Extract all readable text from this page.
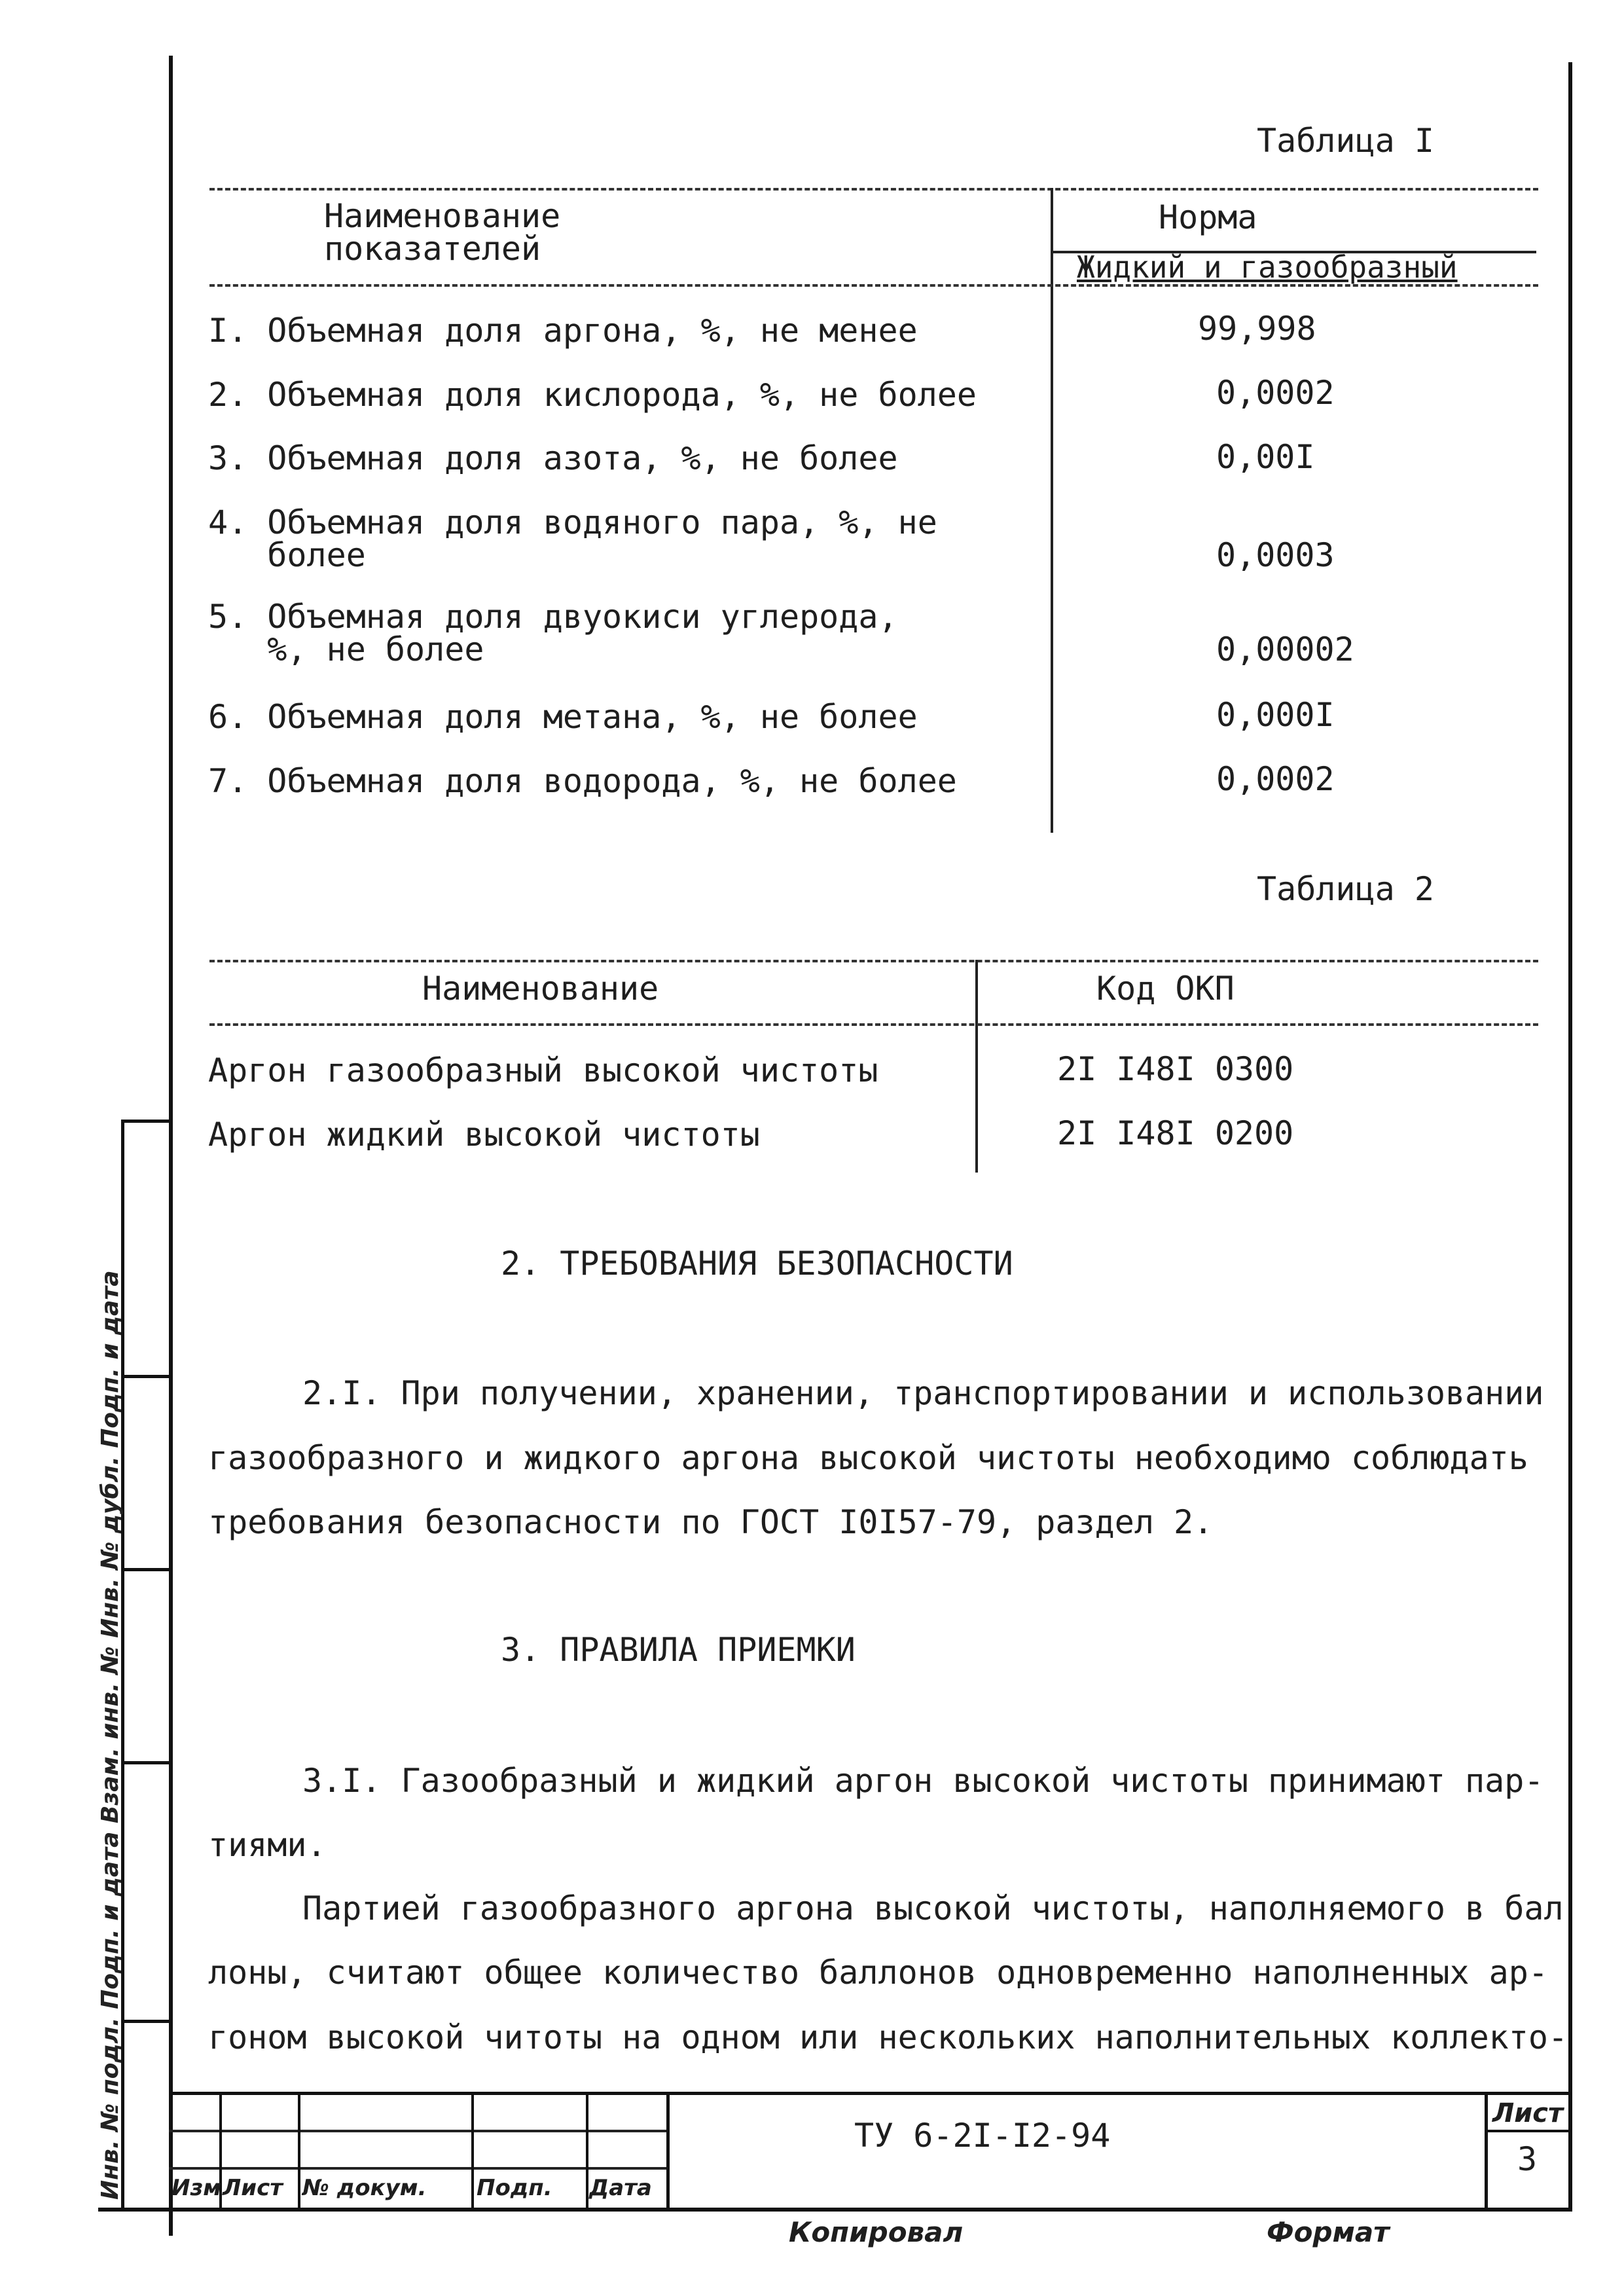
Таблица I
Наименование
показателей
Норма
Жидкий и газообразный
I. Объемная доля аргона, %, не менее	99,998
2. Объемная доля кислорода, %, не более	0,0002
3. Объемная доля азота, %, не более	0,00I
4. Объемная доля водяного пара, %, не
более	0,0003
5. Объемная доля двуокиси углерода,
%, не более	0,00002
6. Объемная доля метана, %, не более	0,000I
7. Объемная доля водорода, %, не более	0,0002
Таблица 2
Наименование	Код ОКП
Аргон газообразный высокой чистоты	2I I48I 0300
Аргон жидкий высокой чистоты	2I I48I 0200
2. ТРЕБОВАНИЯ БЕЗОПАСНОСТИ
2.I. При получении, хранении, транспортировании и использовании
газообразного и жидкого аргона высокой чистоты необходимо соблюдать
требования безопасности по ГОСТ I0I57-79, раздел 2.
3. ПРАВИЛА ПРИЕМКИ
3.I. Газообразный и жидкий аргон высокой чистоты принимают пар-
тиями.
Партией газообразного аргона высокой чистоты, наполняемого в бал
лоны, считают общее количество баллонов одновременно наполненных ар-
гоном высокой читоты на одном или нескольких наполнительных коллекто-
Инв. № подл. Подп. и дата Взам. инв. № Инв. № дубл. Подп. и дата Изм Лист № докум. Подп. Дата
ТУ 6-2I-I2-94
Лист
3
Копировал	Формат
